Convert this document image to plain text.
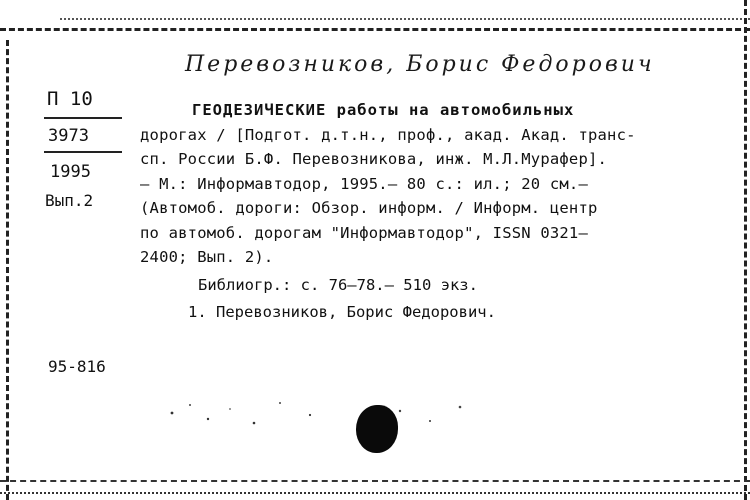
Перевозников, Борис Федорович
П 10
3973
1995
Вып.2
ГЕОДЕЗИЧЕСКИЕ работы на автомобильных
дорогах / [Подгот. д.т.н., проф., акад. Акад. транс-
сп. России Б.Ф. Перевозникова, инж. М.Л.Мурафер].
– М.: Информавтодор, 1995.– 80 с.: ил.; 20 см.–
(Автомоб. дороги: Обзор. информ. / Информ. центр
по автомоб. дорогам "Информавтодор", ISSN 0321–
2400; Вып. 2).
Библиогр.: с. 76–78.– 510 экз.
1. Перевозников, Борис Федорович.
95-816
